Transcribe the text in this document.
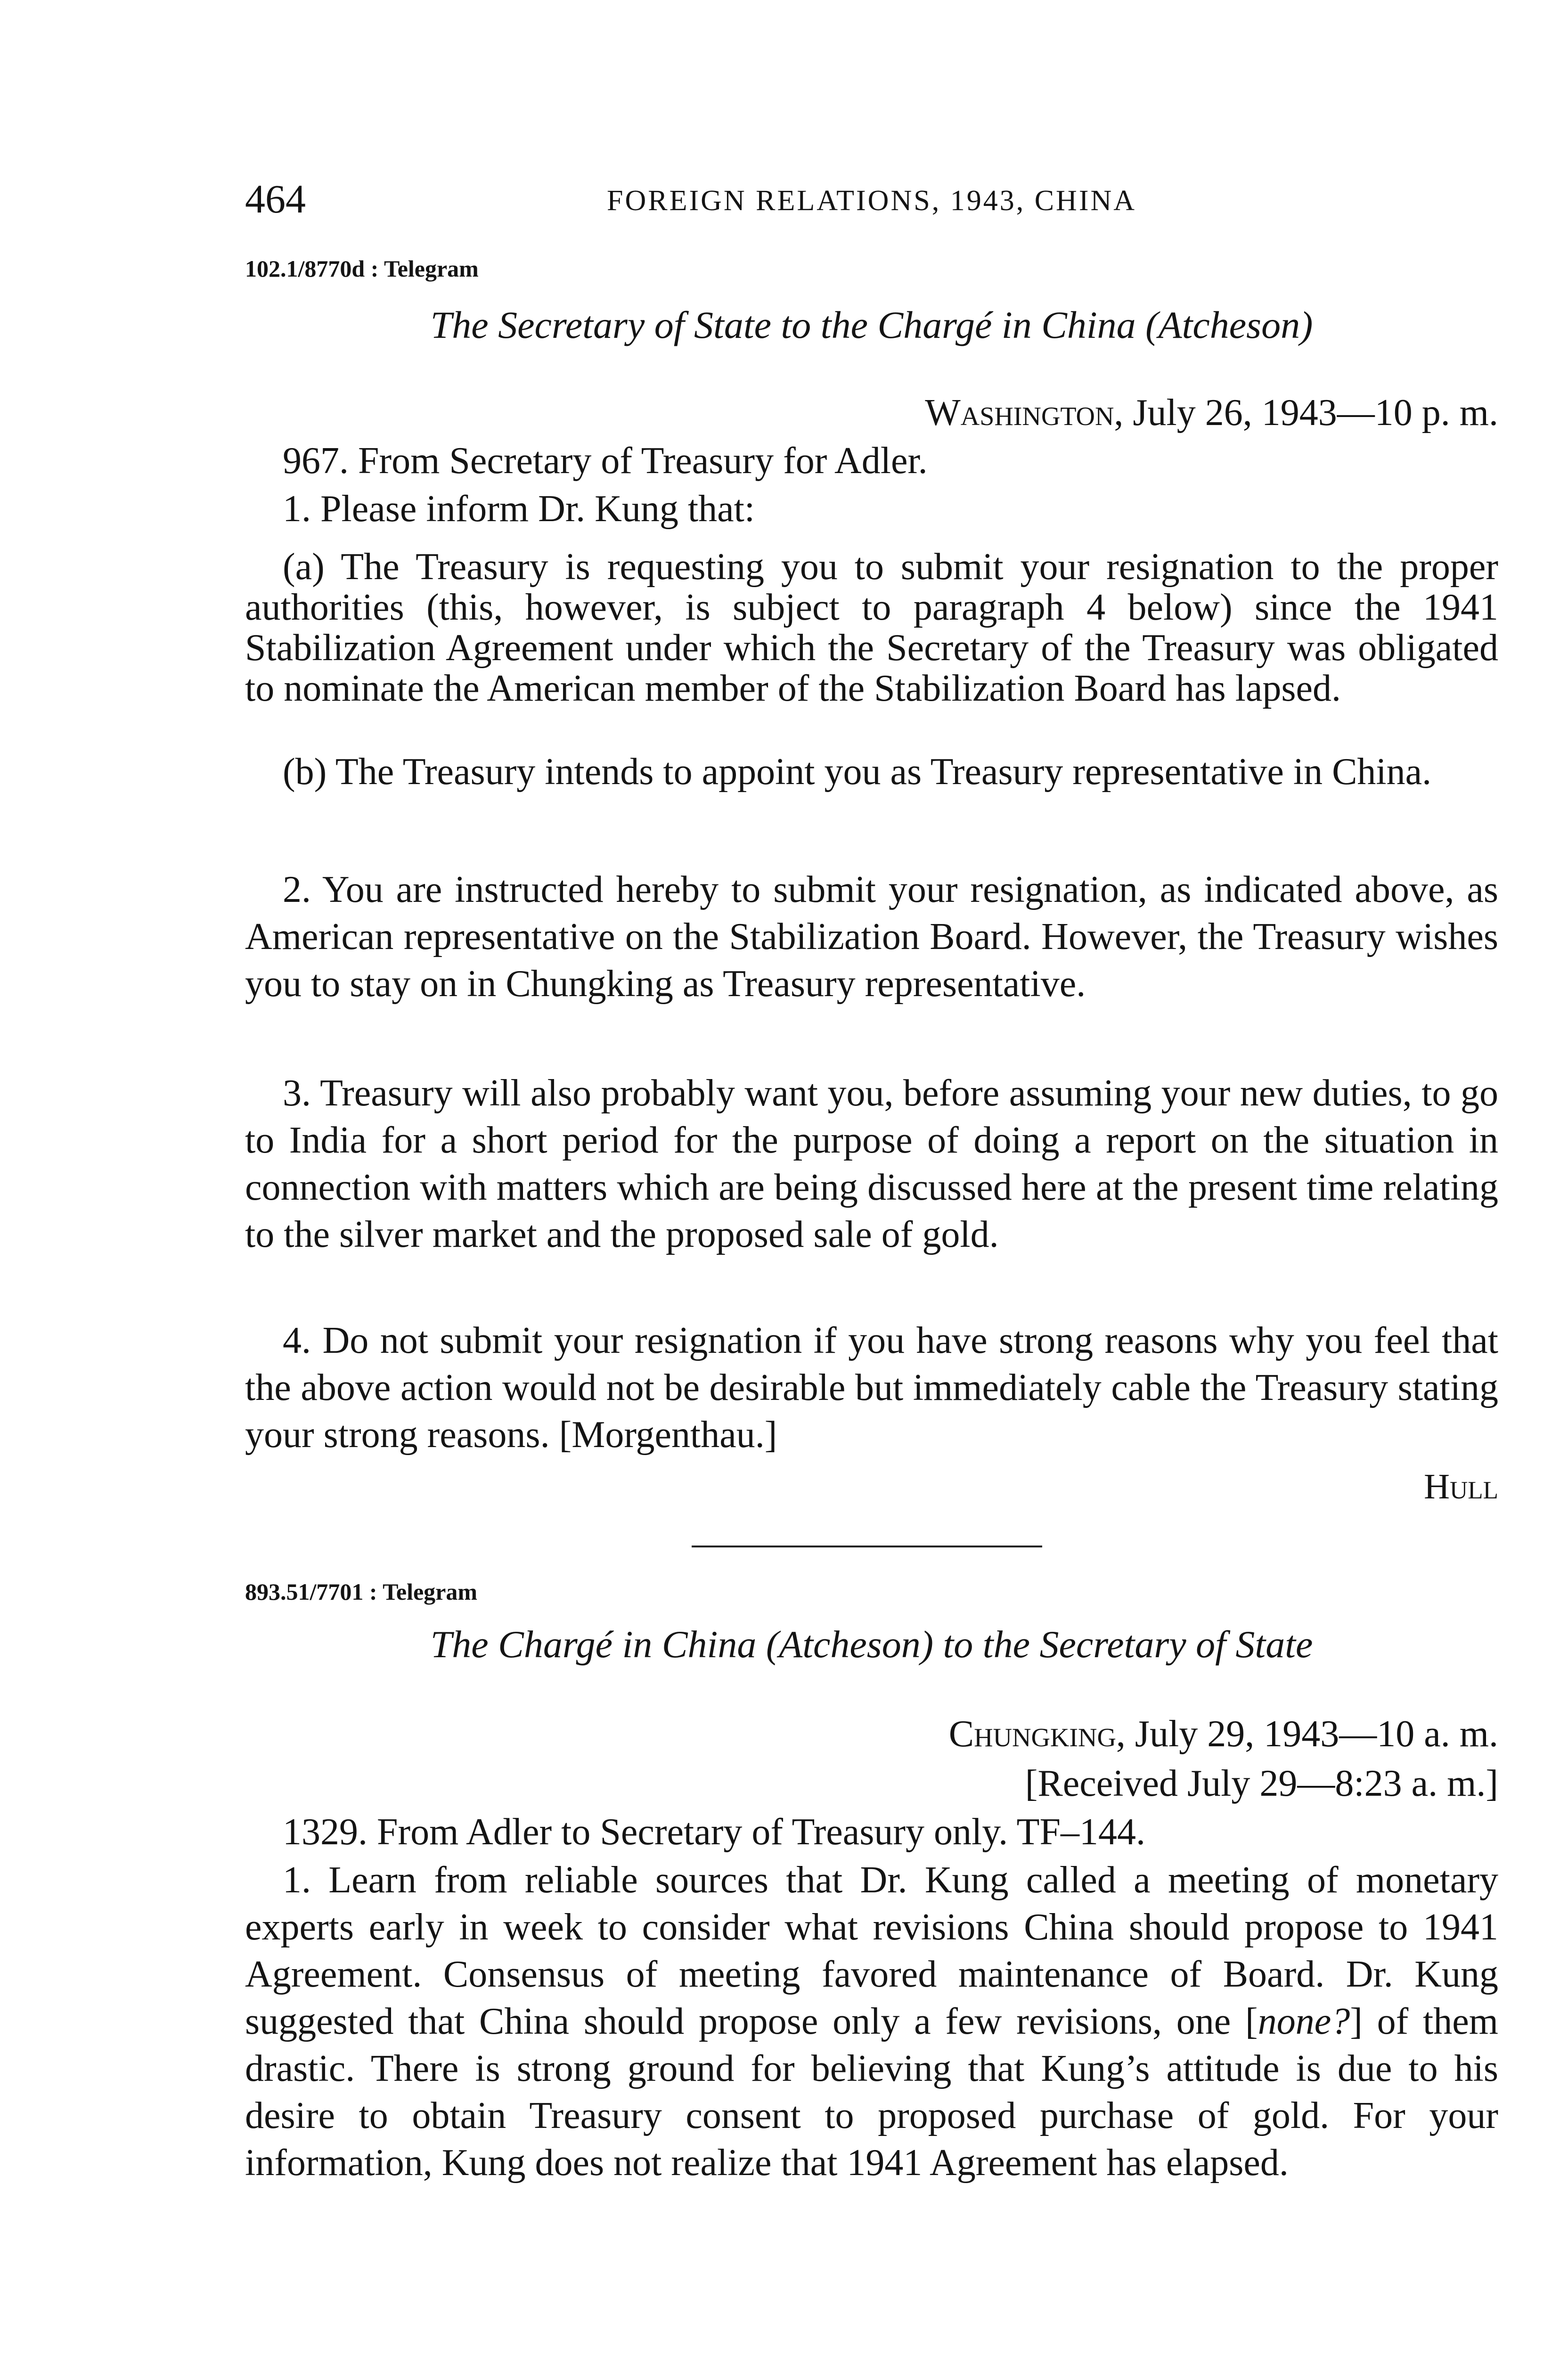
464	FOREIGN RELATIONS, 1943, CHINA
102.1/8770d : Telegram
The Secretary of State to the Chargé in China (Atcheson)
Washington, July 26, 1943—10 p. m.
967. From Secretary of Treasury for Adler.
1. Please inform Dr. Kung that:
(a) The Treasury is requesting you to submit your resignation to the proper authorities (this, however, is subject to paragraph 4 below) since the 1941 Stabilization Agreement under which the Secretary of the Treasury was obligated to nominate the American member of the Stabilization Board has lapsed.
(b) The Treasury intends to appoint you as Treasury representative in China.
2. You are instructed hereby to submit your resignation, as indicated above, as American representative on the Stabilization Board. However, the Treasury wishes you to stay on in Chungking as Treasury representative.
3. Treasury will also probably want you, before assuming your new duties, to go to India for a short period for the purpose of doing a report on the situation in connection with matters which are being discussed here at the present time relating to the silver market and the proposed sale of gold.
4. Do not submit your resignation if you have strong reasons why you feel that the above action would not be desirable but immediately cable the Treasury stating your strong reasons. [Morgenthau.]
Hull
893.51/7701 : Telegram
The Chargé in China (Atcheson) to the Secretary of State
Chungking, July 29, 1943—10 a. m.
[Received July 29—8:23 a. m.]
1329. From Adler to Secretary of Treasury only. TF–144.
1. Learn from reliable sources that Dr. Kung called a meeting of monetary experts early in week to consider what revisions China should propose to 1941 Agreement. Consensus of meeting favored maintenance of Board. Dr. Kung suggested that China should propose only a few revisions, one [none?] of them drastic. There is strong ground for believing that Kung’s attitude is due to his desire to obtain Treasury consent to proposed purchase of gold. For your information, Kung does not realize that 1941 Agreement has elapsed.
